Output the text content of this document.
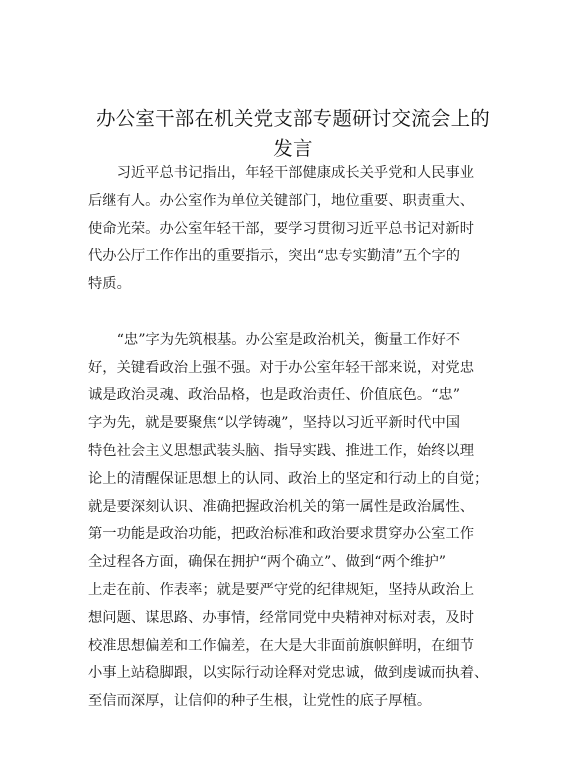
办公室干部在机关党支部专题研讨交流会上的
发言
　　习近平总书记指出，年轻干部健康成长关乎党和人民事业
后继有人。办公室作为单位关键部门，地位重要、职责重大、
使命光荣。办公室年轻干部，要学习贯彻习近平总书记对新时
代办公厅工作作出的重要指示，突出“忠专实勤清”五个字的
特质。
　　“忠”字为先筑根基。办公室是政治机关，衡量工作好不
好，关键看政治上强不强。对于办公室年轻干部来说，对党忠
诚是政治灵魂、政治品格，也是政治责任、价值底色。“忠”
字为先，就是要聚焦“以学铸魂”，坚持以习近平新时代中国
特色社会主义思想武装头脑、指导实践、推进工作，始终以理
论上的清醒保证思想上的认同、政治上的坚定和行动上的自觉；
就是要深刻认识、准确把握政治机关的第一属性是政治属性、
第一功能是政治功能，把政治标准和政治要求贯穿办公室工作
全过程各方面，确保在拥护“两个确立”、做到“两个维护”
上走在前、作表率；就是要严守党的纪律规矩，坚持从政治上
想问题、谋思路、办事情，经常同党中央精神对标对表，及时
校准思想偏差和工作偏差，在大是大非面前旗帜鲜明，在细节
小事上站稳脚跟，以实际行动诠释对党忠诚，做到虔诚而执着、
至信而深厚，让信仰的种子生根，让党性的底子厚植。
